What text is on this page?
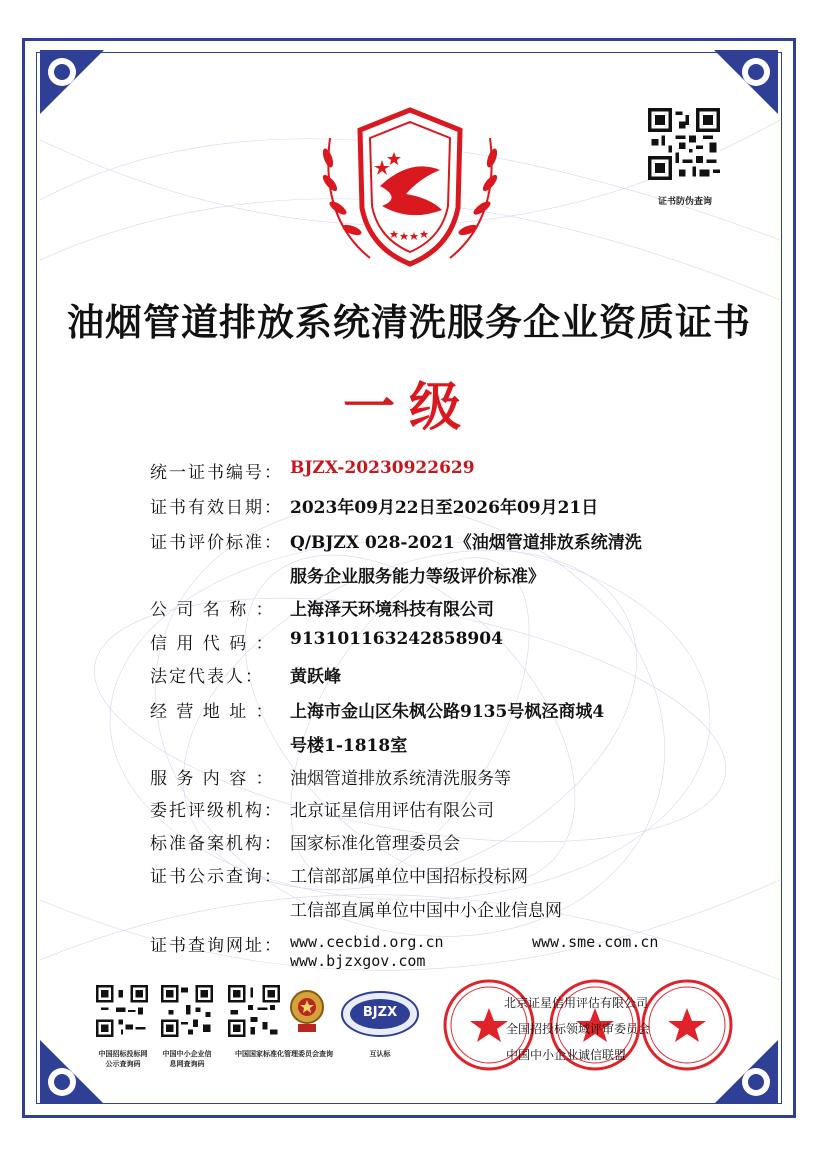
证书防伪查询
油烟管道排放系统清洗服务企业资质证书
一级
统一证书编号： BJZX-20230922629
证书有效日期： 2023年09月22日至2026年09月21日
证书评价标准： Q/BJZX 028-2021《油烟管道排放系统清洗
服务企业服务能力等级评价标准》
公 司 名 称 ： 上海泽天环境科技有限公司
信 用 代 码 ： 91310116324285890​4
法定代表人：	黄跃峰
经 营 地 址 ： 上海市金山区朱枫公路9135号枫泾商城4
号楼1-1818室
服 务 内 容 ： 油烟管道排放系统清洗服务等
委托评级机构： 北京证星信用评估有限公司
标准备案机构： 国家标准化管理委员会
证书公示查询： 工信部部属单位中国招标投标网
工信部直属单位中国中小企业信息网
证书查询网址： www.cecbid.org.cn	www.sme.com.cn
www.bjzxgov.com
中国招标投标网
公示查询码
中国中小企业信
息网查询码
中国国家标准化管理委员会查询
BJZX
互认标
北京证星信用评估有限公司
全国招投标领域评审委员会
中国中小企业诚信联盟
